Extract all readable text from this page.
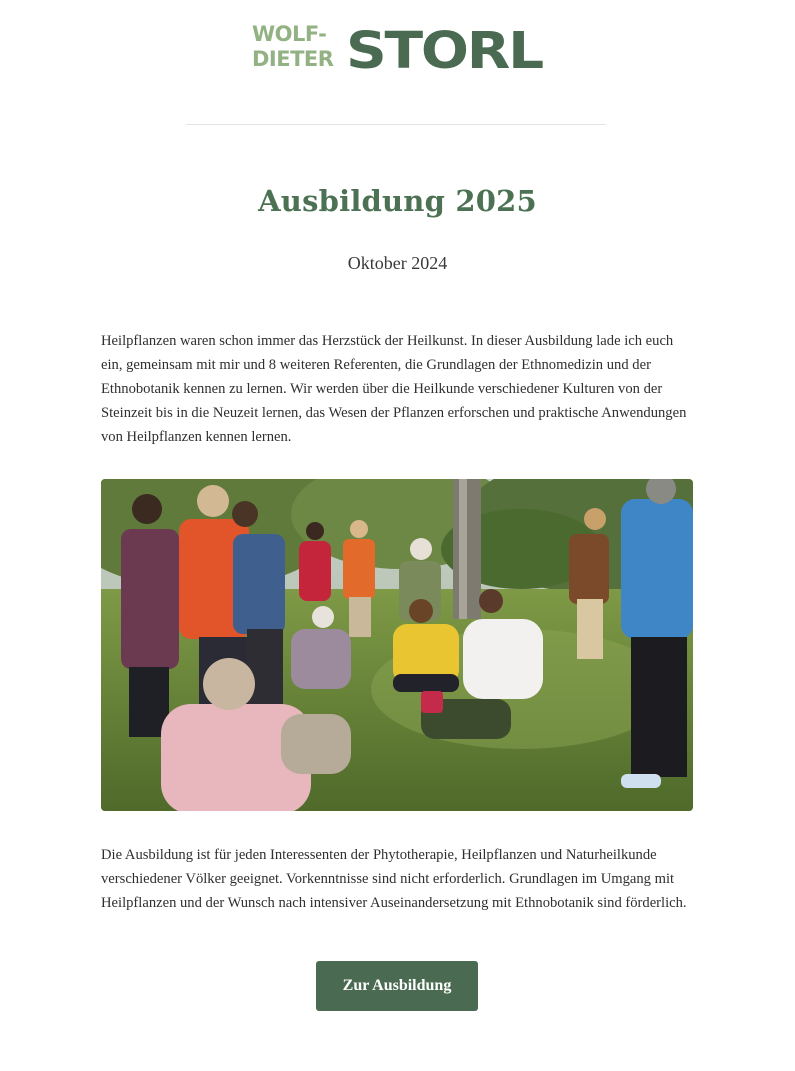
WOLF-
DIETER STORL
Ausbildung 2025

Oktober 2024

Heilpflanzen waren schon immer das Herzstück der Heilkunst. In dieser Ausbildung lade ich euch ein, gemeinsam mit mir und 8 weiteren Referenten, die Grundlagen der Ethnomedizin und der Ethnobotanik kennen zu lernen. Wir werden über die Heilkunde verschiedener Kulturen von der Steinzeit bis in die Neuzeit lernen, das Wesen der Pflanzen erforschen und praktische Anwendungen von Heilpflanzen kennen lernen.

Die Ausbildung ist für jeden Interessenten der Phytotherapie, Heilpflanzen und Naturheilkunde verschiedener Völker geeignet. Vorkenntnisse sind nicht erforderlich. Grundlagen im Umgang mit Heilpflanzen und der Wunsch nach intensiver Auseinandersetzung mit Ethnobotanik sind förderlich.

Zur Ausbildung
